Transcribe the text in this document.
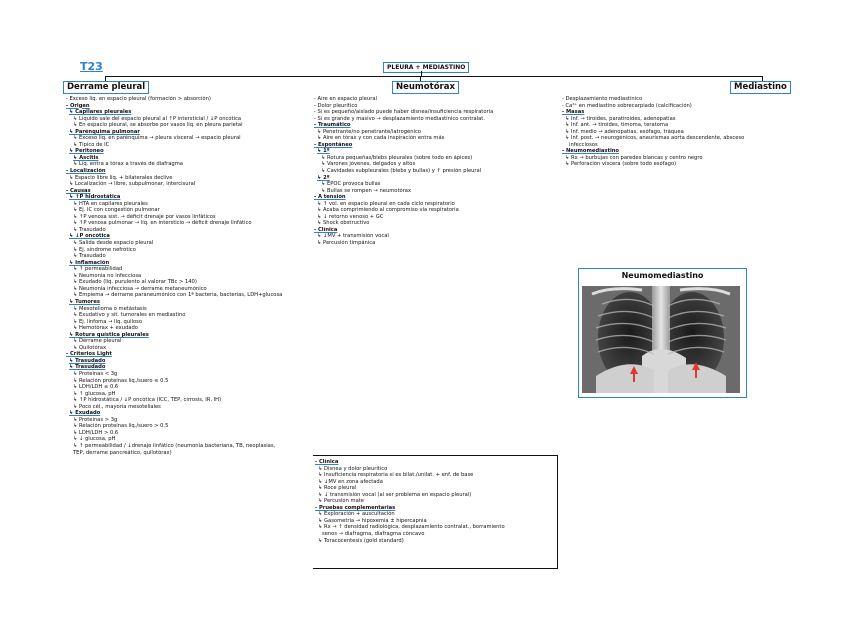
T23	PLEURA + MEDIASTINO
Derrame pleural	Neumotórax	Mediastino
- Exceso líq. en espacio pleural (formación > absorción)
- Origen
↳ Capilares pleurales
↳ Líquido sale del espacio pleural al ↑P intersticial / ↓P oncótica
↳ En espacio pleural, se absorbe por vasos líq. en pleura parietal
↳ Parénquima pulmonar
↳ Exceso líq. en parénquima → pleura visceral → espacio pleural
↳ Típico de IC
↳ Peritoneo
↳ Ascitis
↳ Líq. entra a tórax a través de diafragma
- Localización
↳ Espacio libre líq. + bilaterales declive
↳ Localización → libre, subpulmonar, intercisural
- Causas
↳ ↑P hidrostática
↳ HTA en capilares pleurales
↳ Ej. IC con congestión pulmonar
↳ ↑P venosa sist. → déficit drenaje por vasos linfáticos
↳ ↑P venosa pulmonar → líq. en intersticio → déficit drenaje linfático
↳ Trasudado
↳ ↓P oncótica
↳ Salida desde espacio pleural
↳ Ej. síndrome nefrótico
↳ Trasudado
↳ Inflamación
↳ ↑ permeabilidad
↳ Neumonía no infecciosa
↳ Exudado (líq. purulento al valorar TBc > 140)
↳ Neumonía infecciosa → derrame metaneumónico
↳ Empiema → derrame paraneumónico con 1ª bacteria, bacterias, LDH+glucosa
↳ Tumores
↳ Mesotelioma o metástasis
↳ Exudativo y sit. tumorales en mediastino
↳ Ej. linfoma → líq. quiloso
↳ Hemotórax + exudado
↳ Rotura quística pleurales
↳ Derrame pleural
↳ Quilotórax
- Criterios Light
↳ Trasudado
↳ Trasudado
↳ Proteínas < 3g
↳ Relación proteínas líq./suero ≤ 0.5
↳ LDH/LDH ≤ 0.6
↳ ↑ glucosa, pH
↳ ↑P hidrostática / ↓P oncótica (ICC, TEP, cirrosis, IR, IH)
↳ Poco cél., mayoría mesoteliales
↳ Exudado
↳ Proteínas > 3g
↳ Relación proteínas líq./suero > 0.5
↳ LDH/LDH > 0.6
↳ ↓ glucosa, pH
↳ ↑ permeabilidad / ↓drenaje linfático (neumonía bacteriana, TB, neoplasias,
TEP, derrame pancreático, quilotórax)
- Aire en espacio pleural
- Dolor pleurítico
- Si es pequeño/aislado puede haber disnea/insuficiencia respiratoria
- Si es grande y masivo → desplazamiento mediastínico contralat.
- Traumático
↳ Penetrante/no penetrante/iatrogénico
↳ Aire en tórax y con cada inspiración entra más
- Espontáneo
↳ 1º
↳ Rotura pequeñas/blebs pleurales (sobre todo en ápices)
↳ Varones jóvenes, delgados y altos
↳ Cavidades subpleurales (blebs y bullas) y ↑ presión pleural
↳ 2º
↳ EPOC provoca bullas
↳ Bullas se rompen → neumotórax
- A tensión
↳ ↑ vol. en espacio pleural en cada ciclo respiratorio
↳ Acaba comprimiendo al compromiso vía respiratoria
↳ ↓ retorno venoso + GC
↳ Shock obstructivo
- Clínica
↳ ↓MV + transmisión vocal
↳ Percusión timpánica
- Clínica
↳ Disnea y dolor pleurítico
↳ Insuficiencia respiratoria si es bilat./unilat. + enf. de base
↳ ↓MV en zona afectada
↳ Roce pleural
↳ ↓ transmisión vocal (al ser problema en espacio pleural)
↳ Percusión mate
- Pruebas complementarias
↳ Exploración + auscultación
↳ Gasometría → hipoxemia ± hipercapnia
↳ Rx → ↑ densidad radiológica, desplazamiento contralat., borramiento
senos → diafragma, diafragma cóncavo
↳ Toracocentesis (gold standard)
- Desplazamiento mediastínico
- Ca²⁺ en mediastino sobrecarpiado (calcificación)
- Masas
↳ Inf. → tiroides, paratiroides, adenopatías
↳ Inf. ant. → tiroides, timoma, teratoma
↳ Inf. medio → adenopatías, esófago, tráquea
↳ Inf. post. → neurogénicos, aneurismas aorta descendente, absceso
infecciosos
- Neumomediastino
↳ Rx → burbujas con paredes blancas y centro negro
↳ Perforación víscera (sobre todo esófago)
Neumomediastino
